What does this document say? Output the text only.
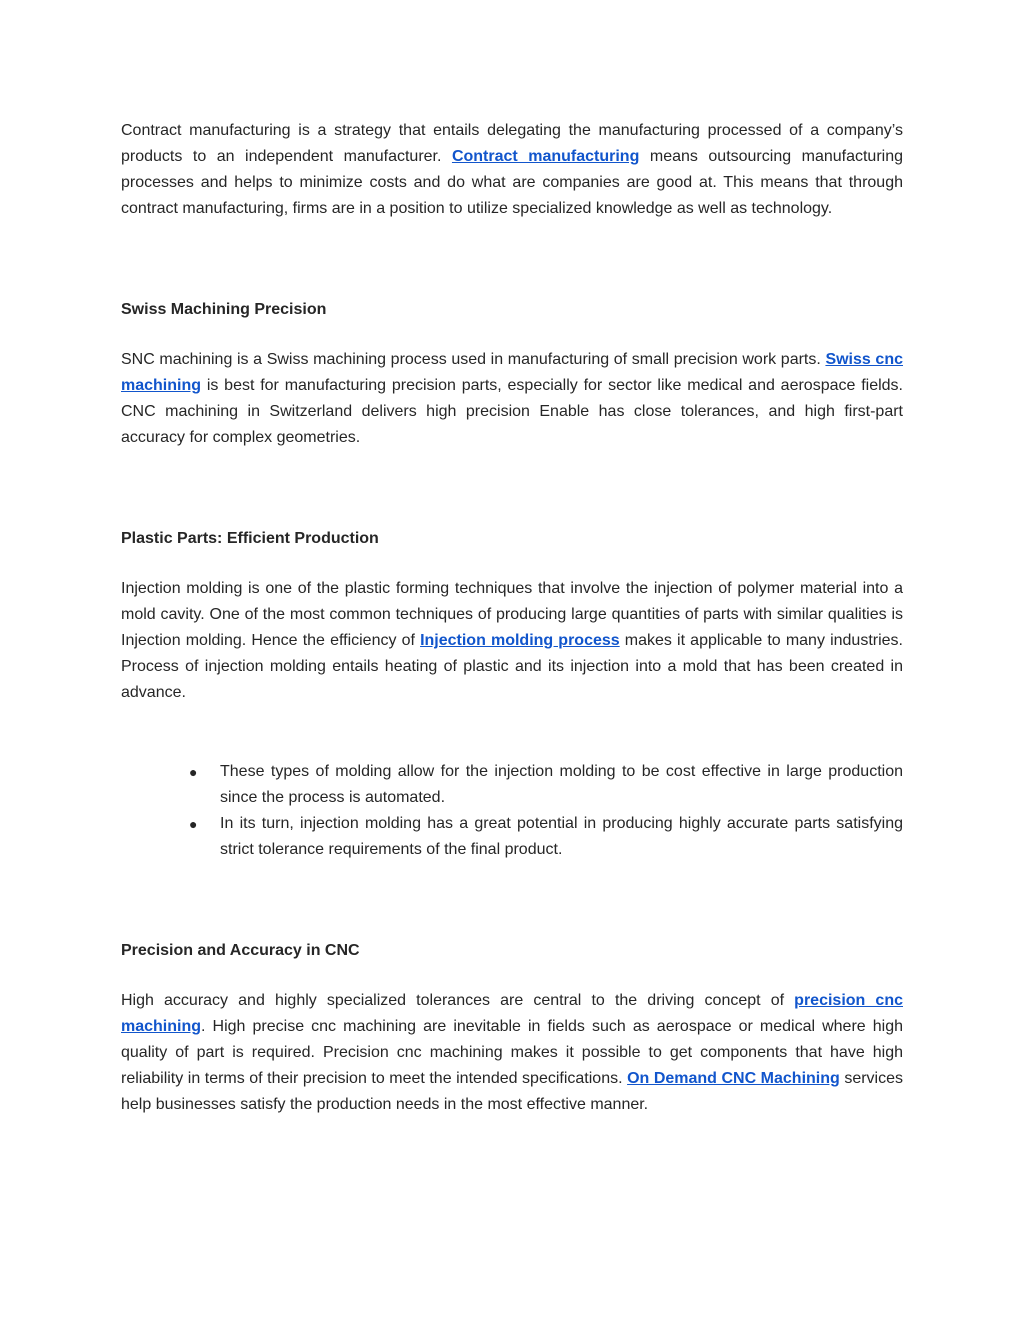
Contract manufacturing is a strategy that entails delegating the manufacturing processed of a company’s products to an independent manufacturer. Contract manufacturing means outsourcing manufacturing processes and helps to minimize costs and do what are companies are good at. This means that through contract manufacturing, firms are in a position to utilize specialized knowledge as well as technology.

Swiss Machining Precision

SNC machining is a Swiss machining process used in manufacturing of small precision work parts. Swiss cnc machining is best for manufacturing precision parts, especially for sector like medical and aerospace fields. CNC machining in Switzerland delivers high precision Enable has close tolerances, and high first-part accuracy for complex geometries.

Plastic Parts: Efficient Production

Injection molding is one of the plastic forming techniques that involve the injection of polymer material into a mold cavity. One of the most common techniques of producing large quantities of parts with similar qualities is Injection molding. Hence the efficiency of Injection molding process makes it applicable to many industries. Process of injection molding entails heating of plastic and its injection into a mold that has been created in advance.

● These types of molding allow for the injection molding to be cost effective in large production since the process is automated.
● In its turn, injection molding has a great potential in producing highly accurate parts satisfying strict tolerance requirements of the final product.
Precision and Accuracy in CNC

High accuracy and highly specialized tolerances are central to the driving concept of precision cnc machining. High precise cnc machining are inevitable in fields such as aerospace or medical where high quality of part is required. Precision cnc machining makes it possible to get components that have high reliability in terms of their precision to meet the intended specifications. On Demand CNC Machining services help businesses satisfy the production needs in the most effective manner.
